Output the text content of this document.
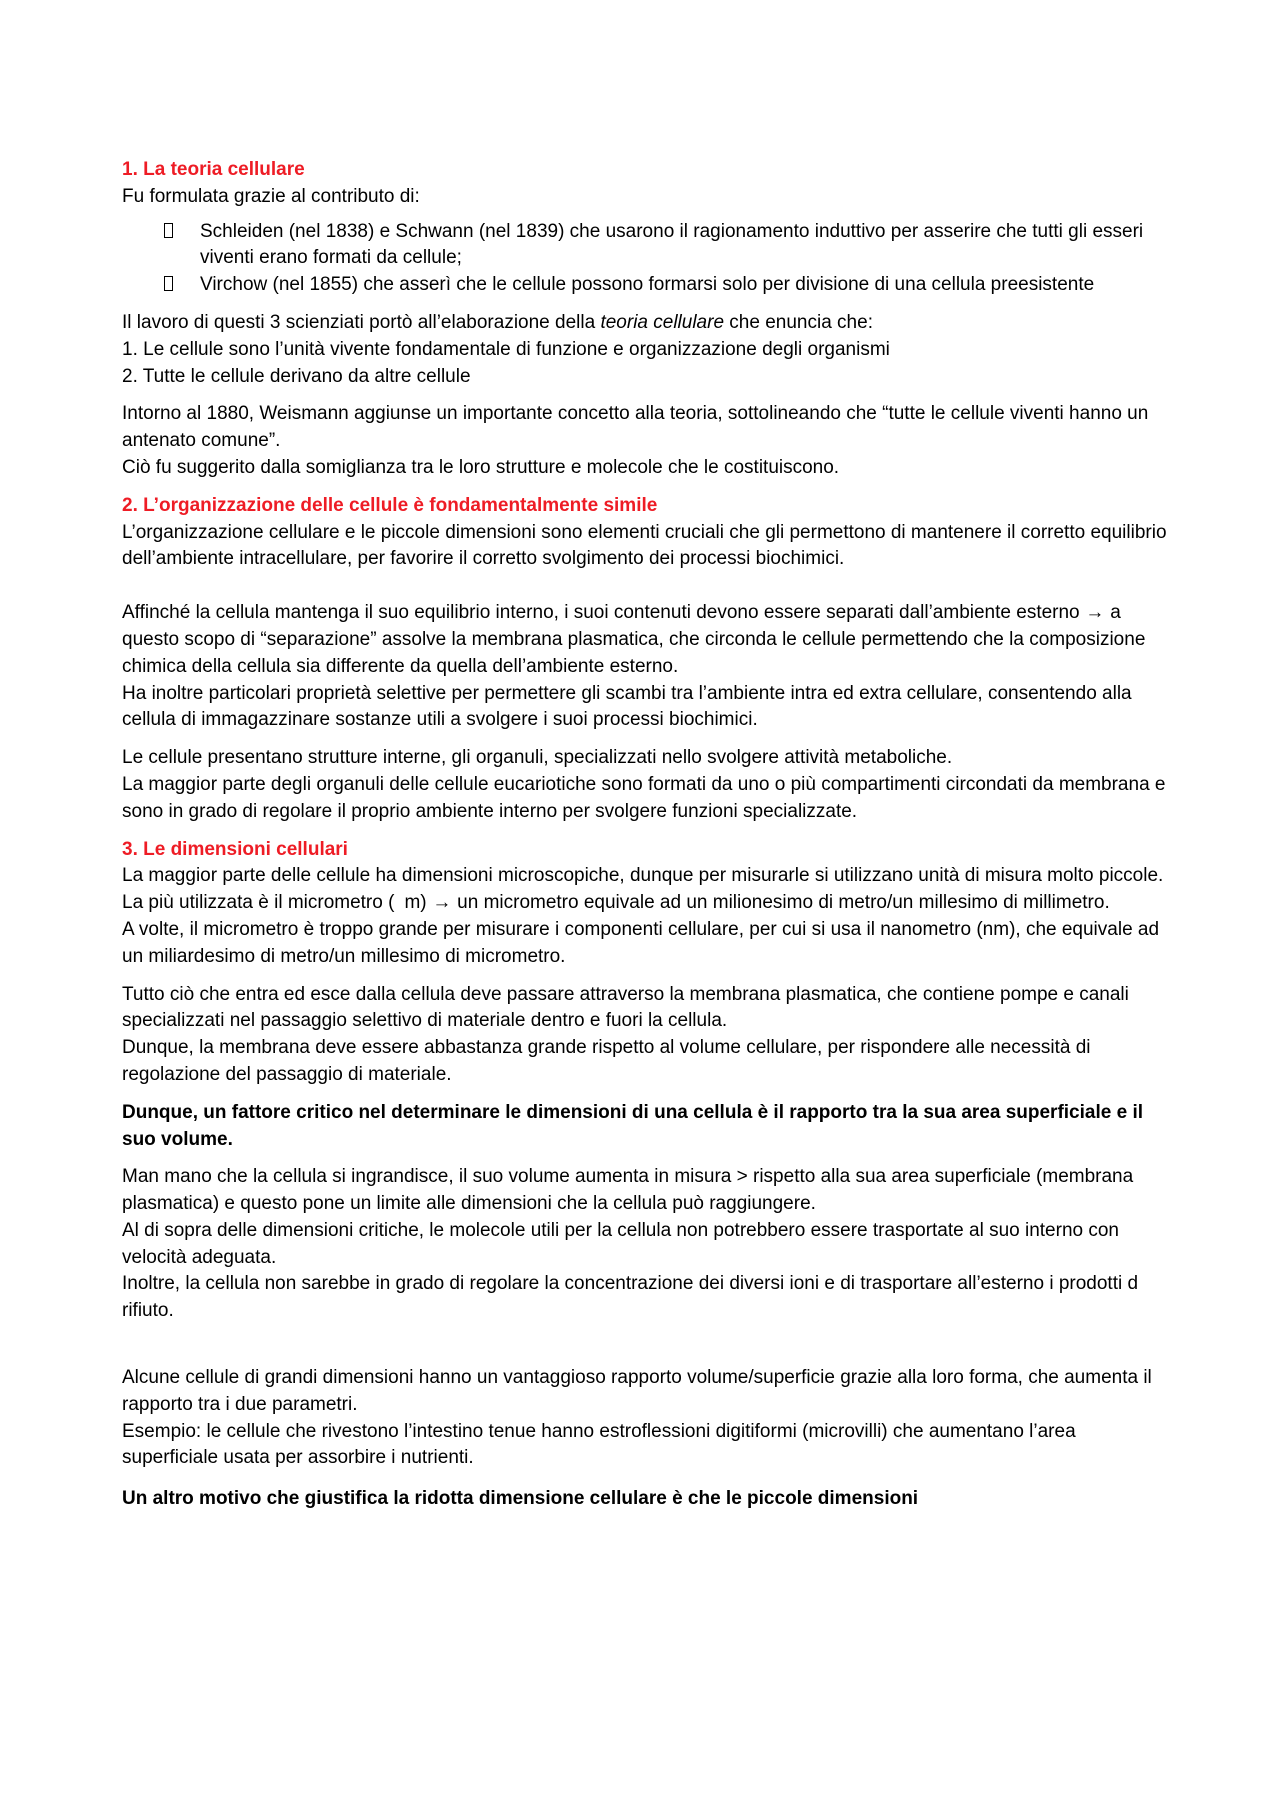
1. La teoria cellulare

Fu formulata grazie al contributo di:

Schleiden (nel 1838) e Schwann (nel 1839) che usarono il ragionamento induttivo per asserire che tutti gli esseri viventi erano formati da cellule;
Virchow (nel 1855) che asserì che le cellule possono formarsi solo per divisione di una cellula preesistente

Il lavoro di questi 3 scienziati portò all’elaborazione della teoria cellulare che enuncia che:

1. Le cellule sono l’unità vivente fondamentale di funzione e organizzazione degli organismi

2. Tutte le cellule derivano da altre cellule

Intorno al 1880, Weismann aggiunse un importante concetto alla teoria, sottolineando che “tutte le cellule viventi hanno un antenato comune”.

Ciò fu suggerito dalla somiglianza tra le loro strutture e molecole che le costituiscono.

2. L’organizzazione delle cellule è fondamentalmente simile

L’organizzazione cellulare e le piccole dimensioni sono elementi cruciali che gli permettono di mantenere il corretto equilibrio dell’ambiente intracellulare, per favorire il corretto svolgimento dei processi biochimici.

Affinché la cellula mantenga il suo equilibrio interno, i suoi contenuti devono essere separati dall’ambiente esterno → a questo scopo di “separazione” assolve la membrana plasmatica, che circonda le cellule permettendo che la composizione chimica della cellula sia differente da quella dell’ambiente esterno.

Ha inoltre particolari proprietà selettive per permettere gli scambi tra l’ambiente intra ed extra cellulare, consentendo alla cellula di immagazzinare sostanze utili a svolgere i suoi processi biochimici.

Le cellule presentano strutture interne, gli organuli, specializzati nello svolgere attività metaboliche.

La maggior parte degli organuli delle cellule eucariotiche sono formati da uno o più compartimenti circondati da membrana e sono in grado di regolare il proprio ambiente interno per svolgere funzioni specializzate.

3. Le dimensioni cellulari

La maggior parte delle cellule ha dimensioni microscopiche, dunque per misurarle si utilizzano unità di misura molto piccole.

La più utilizzata è il micrometro ( m) → un micrometro equivale ad un milionesimo di metro/un millesimo di millimetro.

A volte, il micrometro è troppo grande per misurare i componenti cellulare, per cui si usa il nanometro (nm), che equivale ad un miliardesimo di metro/un millesimo di micrometro.

Tutto ciò che entra ed esce dalla cellula deve passare attraverso la membrana plasmatica, che contiene pompe e canali specializzati nel passaggio selettivo di materiale dentro e fuori la cellula.

Dunque, la membrana deve essere abbastanza grande rispetto al volume cellulare, per rispondere alle necessità di regolazione del passaggio di materiale.

Dunque, un fattore critico nel determinare le dimensioni di una cellula è il rapporto tra la sua area superficiale e il suo volume.

Man mano che la cellula si ingrandisce, il suo volume aumenta in misura > rispetto alla sua area superficiale (membrana plasmatica) e questo pone un limite alle dimensioni che la cellula può raggiungere.

Al di sopra delle dimensioni critiche, le molecole utili per la cellula non potrebbero essere trasportate al suo interno con velocità adeguata.

Inoltre, la cellula non sarebbe in grado di regolare la concentrazione dei diversi ioni e di trasportare all’esterno i prodotti d rifiuto.

Alcune cellule di grandi dimensioni hanno un vantaggioso rapporto volume/superficie grazie alla loro forma, che aumenta il rapporto tra i due parametri.

Esempio: le cellule che rivestono l’intestino tenue hanno estroflessioni digitiformi (microvilli) che aumentano l’area superficiale usata per assorbire i nutrienti.

Un altro motivo che giustifica la ridotta dimensione cellulare è che le piccole dimensioni
